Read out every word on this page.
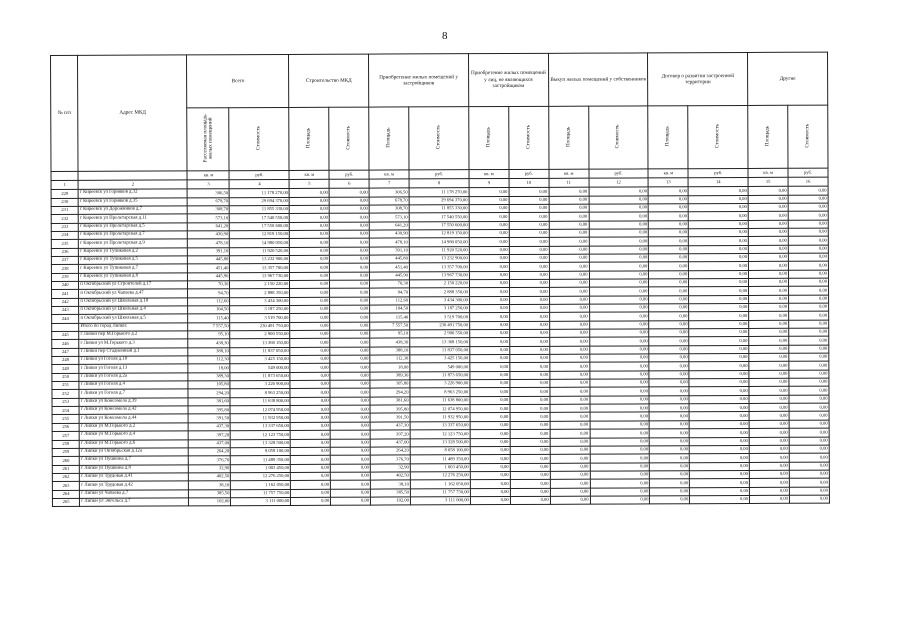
8
№ п/п	Адрес МКД	Всего		Строительство МКД		Приобретение жилых помещений у застройщиков		Приобретение жилых помещений у лиц, не являющихся застройщиком		Выкуп жилых помещений у собственников		Договор о развитии застроенной территории		Другие	
		Расселяемая площадь жилых помещений	Стоимость	Площадь	Стоимость	Площадь	Стоимость	Площадь	Стоимость	Площадь	Стоимость	Площадь	Стоимость	Площадь	Стоимость
		кв. м	руб.	кв. м	руб.	кв. м	руб.	кв. м	руб.	кв. м	руб.	кв. м	руб.	кв. м	руб.
1	2	3	4	5	6	7	8	9	10	11	12	13	14	15	16
229	г Киреевск ул Горняков д.32	306,50	11 178 270,00	0,00	0,00	306,50	11 178 270,00	0,00	0,00	0,00	0,00	0,00	0,00	0,00	0,00
230	г Киреевск ул Горняков д.35	678,70	29 694 370,00	0,00	0,00	678,70	29 694 370,00	0,00	0,00	0,00	0,00	0,00	0,00	0,00	0,00
231	г Киреевск ул Дорожников д.7	308,70	11 855 330,00	0,00	0,00	308,70	11 855 330,00	0,00	0,00	0,00	0,00	0,00	0,00	0,00	0,00
232	г Киреевск ул Пролетарская д.11	573,10	17 540 550,00	0,00	0,00	573,10	17 540 550,00	0,00	0,00	0,00	0,00	0,00	0,00	0,00	0,00
233	г Киреевск ул Пролетарская д.5	641,20	17 550 600,00	0,00	0,00	641,20	17 550 600,00	0,00	0,00	0,00	0,00	0,00	0,00	0,00	0,00
234	г Киреевск ул Пролетарская д.7	430,90	12 819 150,00	0,00	0,00	430,90	12 819 150,00	0,00	0,00	0,00	0,00	0,00	0,00	0,00	0,00
235	г Киреевск ул Пролетарская д.9	478,10	14 980 050,00	0,00	0,00	478,10	14 980 050,00	0,00	0,00	0,00	0,00	0,00	0,00	0,00	0,00
236	г Киреевск ул Тупиковая д.2	391,10	11 920 520,00	0,00	0,00	391,10	11 920 520,00	0,00	0,00	0,00	0,00	0,00	0,00	0,00	0,00
237	г Киреевск ул Тупиковая д.5	445,80	13 232 900,00	0,00	0,00	445,80	13 232 900,00	0,00	0,00	0,00	0,00	0,00	0,00	0,00	0,00
238	г Киреевск ул Тупиковая д.7	451,40	13 357 700,00	0,00	0,00	451,40	13 357 700,00	0,00	0,00	0,00	0,00	0,00	0,00	0,00	0,00
239	г Киреевск ул Тупиковая д.8	445,90	13 967 730,00	0,00	0,00	445,90	13 967 730,00	0,00	0,00	0,00	0,00	0,00	0,00	0,00	0,00
240	п Октябрьский ул Строителей д.17	70,30	2 150 220,00	0,00	0,00	70,30	2 150 220,00	0,00	0,00	0,00	0,00	0,00	0,00	0,00	0,00
241	п Октябрьский ул Чапаева д.47	94,70	2 888 350,00	0,00	0,00	94,70	2 888 350,00	0,00	0,00	0,00	0,00	0,00	0,00	0,00	0,00
242	п Октябрьский ул Школьная д.10	112,60	3 434 300,00	0,00	0,00	112,60	3 434 300,00	0,00	0,00	0,00	0,00	0,00	0,00	0,00	0,00
243	п Октябрьский ул Школьная д.4	104,50	3 187 250,00	0,00	0,00	104,50	3 187 250,00	0,00	0,00	0,00	0,00	0,00	0,00	0,00	0,00
244	п Октябрьский ул Школьная д.5	115,40	3 519 700,00	0,00	0,00	115,40	3 519 700,00	0,00	0,00	0,00	0,00	0,00	0,00	0,00	0,00
	Итого по город Липки:	7 557,50	230 491 750,00	0,00	0,00	7 557,50	230 491 750,00	0,00	0,00	0,00	0,00	0,00	0,00	0,00	0,00
245	г Липки пер М.Горького д.2	95,10	2 900 550,00	0,00	0,00	95,10	2 900 550,00	0,00	0,00	0,00	0,00	0,00	0,00	0,00	0,00
246	г Липки ул М.Горького д.3	438,30	13 368 150,00	0,00	0,00	438,30	13 368 150,00	0,00	0,00	0,00	0,00	0,00	0,00	0,00	0,00
247	г Липки пер Стадионный д.1	388,10	11 837 050,00	0,00	0,00	388,10	11 837 050,00	0,00	0,00	0,00	0,00	0,00	0,00	0,00	0,00
248	г Липки ул Гоголя д.10	112,30	3 425 150,00	0,00	0,00	112,30	3 425 150,00	0,00	0,00	0,00	0,00	0,00	0,00	0,00	0,00
249	г Липки ул Гоголя д.13	18,00	549 000,00	0,00	0,00	18,00	549 000,00	0,00	0,00	0,00	0,00	0,00	0,00	0,00	0,00
250	г Липки ул Гоголя д.2а	389,30	11 873 650,00	0,00	0,00	389,30	11 873 650,00	0,00	0,00	0,00	0,00	0,00	0,00	0,00	0,00
251	г Липки ул Гоголя д.4	105,80	3 226 900,00	0,00	0,00	105,80	3 226 900,00	0,00	0,00	0,00	0,00	0,00	0,00	0,00	0,00
252	г Липки ул Гоголя д.7	294,20	8 963 250,00	0,00	0,00	294,20	8 963 250,00	0,00	0,00	0,00	0,00	0,00	0,00	0,00	0,00
253	г Липки ул Комсомола д.39	381,60	11 638 800,00	0,00	0,00	381,60	11 638 800,00	0,00	0,00	0,00	0,00	0,00	0,00	0,00	0,00
254	г Липки ул Комсомола д.42	395,80	12 074 950,00	0,00	0,00	395,80	12 074 950,00	0,00	0,00	0,00	0,00	0,00	0,00	0,00	0,00
255	г Липки ул Комсомола д.44	391,50	11 932 950,00	0,00	0,00	391,50	11 932 950,00	0,00	0,00	0,00	0,00	0,00	0,00	0,00	0,00
256	г Липки ул М.Горького д.2	437,30	13 337 650,00	0,00	0,00	437,30	13 337 650,00	0,00	0,00	0,00	0,00	0,00	0,00	0,00	0,00
257	г Липки ул М.Горького д.4	397,20	12 123 750,00	0,00	0,00	397,20	12 123 750,00	0,00	0,00	0,00	0,00	0,00	0,00	0,00	0,00
258	г Липки ул М.Горького д.6	437,00	13 328 500,00	0,00	0,00	437,00	13 328 500,00	0,00	0,00	0,00	0,00	0,00	0,00	0,00	0,00
259	г Липки ул Октябрьская д.12а	264,20	8 058 100,00	0,00	0,00	264,20	8 058 100,00	0,00	0,00	0,00	0,00	0,00	0,00	0,00	0,00
260	г Липки ул Пушкина д.7	376,70	11 489 350,00	0,00	0,00	376,70	11 489 350,00	0,00	0,00	0,00	0,00	0,00	0,00	0,00	0,00
261	г Липки ул Пушкина д.8	32,90	1 003 450,00	0,00	0,00	32,90	1 003 450,00	0,00	0,00	0,00	0,00	0,00	0,00	0,00	0,00
262	г Липки ул Трудовая д.41	402,50	12 276 250,00	0,00	0,00	402,50	12 276 250,00	0,00	0,00	0,00	0,00	0,00	0,00	0,00	0,00
263	г Липки ул Трудовая д.42	38,10	1 162 050,00	0,00	0,00	38,10	1 162 050,00	0,00	0,00	0,00	0,00	0,00	0,00	0,00	0,00
264	г Липки ул Чапаева д.7	385,50	11 757 750,00	0,00	0,00	385,50	11 757 750,00	0,00	0,00	0,00	0,00	0,00	0,00	0,00	0,00
265	г Липки ул Энгельса д.7	102,00	3 111 000,00	0,00	0,00	102,00	3 111 000,00	0,00	0,00	0,00	0,00	0,00	0,00	0,00	0,00
